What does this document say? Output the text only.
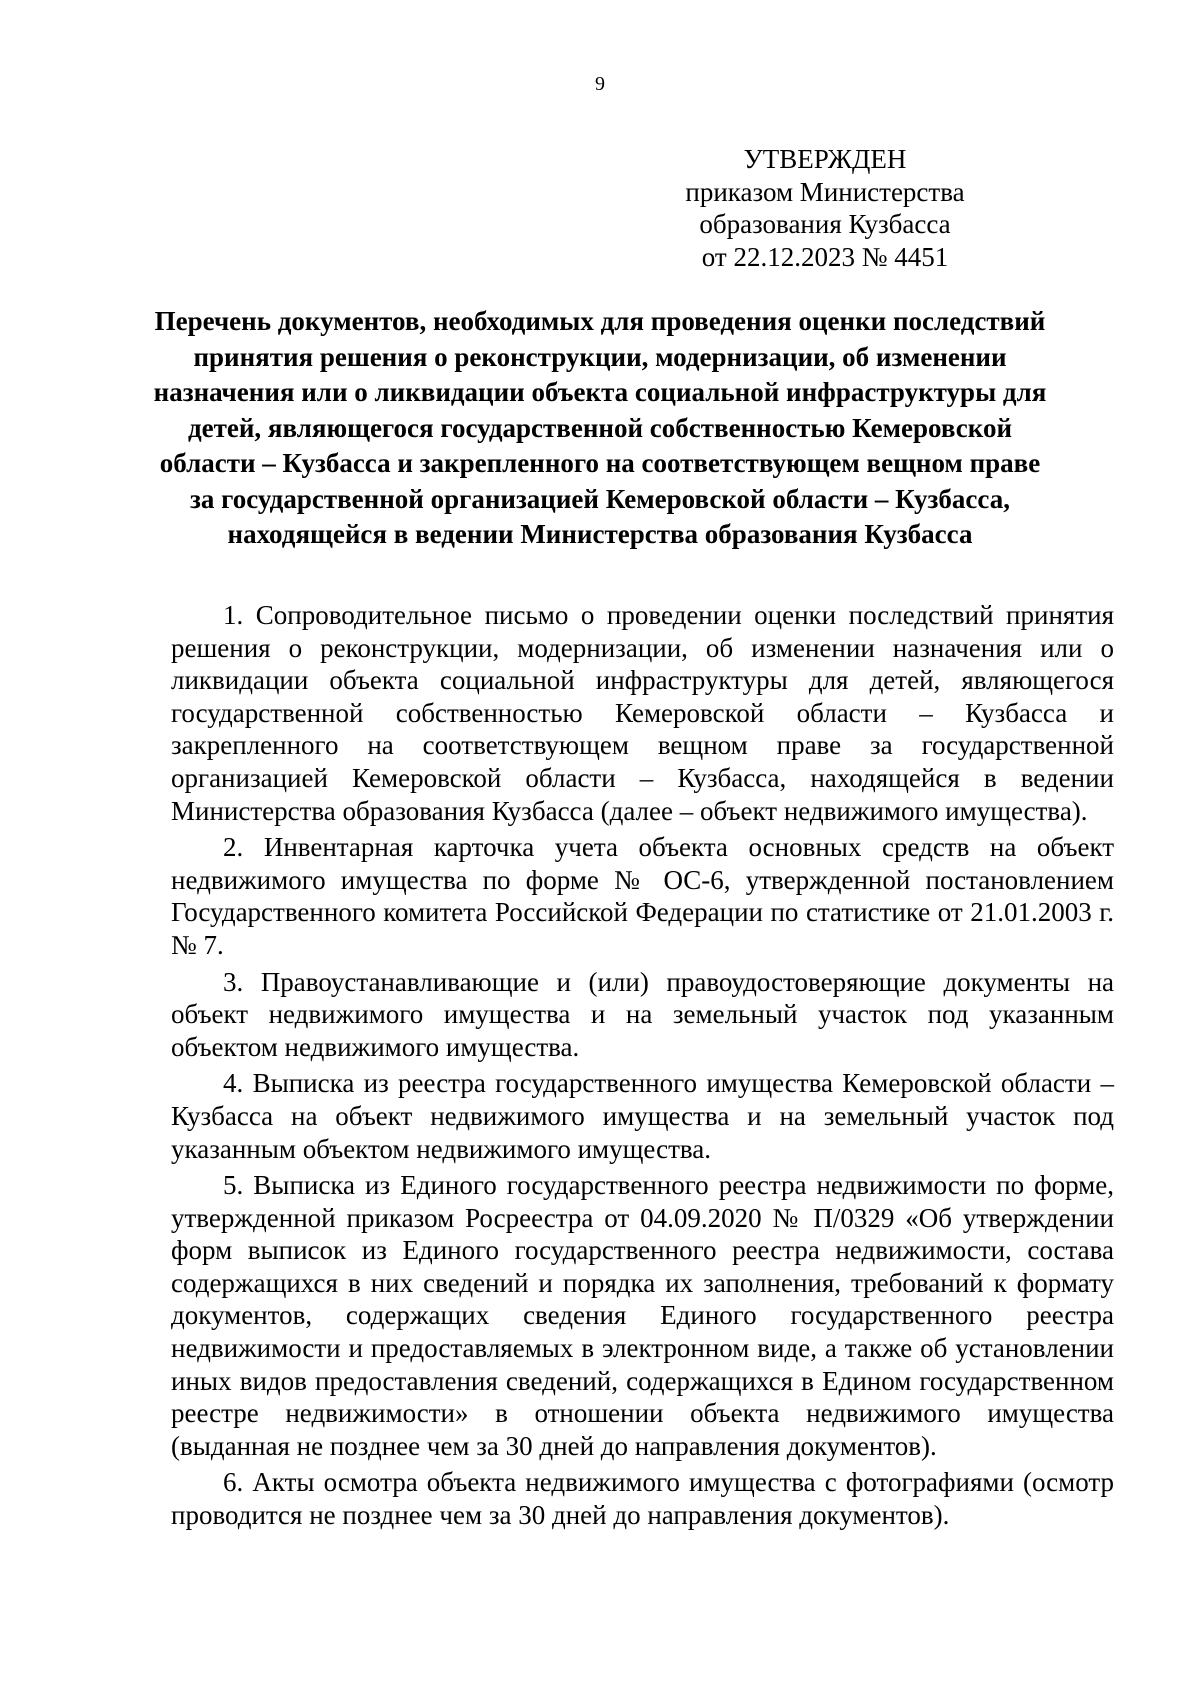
9
УТВЕРЖДЕН
приказом Министерства
образования Кузбасса
от 22.12.2023 № 4451
Перечень документов, необходимых для проведения оценки последствий
принятия решения о реконструкции, модернизации, об изменении
назначения или о ликвидации объекта социальной инфраструктуры для
детей, являющегося государственной собственностью Кемеровской
области – Кузбасса и закрепленного на соответствующем вещном праве
за государственной организацией Кемеровской области – Кузбасса,
находящейся в ведении Министерства образования Кузбасса

1. Сопроводительное письмо о проведении оценки последствий принятия решения о реконструкции, модернизации, об изменении назначения или о ликвидации объекта социальной инфраструктуры для детей, являющегося государственной собственностью Кемеровской области – Кузбасса и закрепленного на соответствующем вещном праве за государственной организацией Кемеровской области – Кузбасса, находящейся в ведении Министерства образования Кузбасса (далее – объект недвижимого имущества).

2. Инвентарная карточка учета объекта основных средств на объект недвижимого имущества по форме № ОС-6, утвержденной постановлением Государственного комитета Российской Федерации по статистике от 21.01.2003 г. № 7.

3. Правоустанавливающие и (или) правоудостоверяющие документы на объект недвижимого имущества и на земельный участок под указанным объектом недвижимого имущества.

4. Выписка из реестра государственного имущества Кемеровской области – Кузбасса на объект недвижимого имущества и на земельный участок под указанным объектом недвижимого имущества.

5. Выписка из Единого государственного реестра недвижимости по форме, утвержденной приказом Росреестра от 04.09.2020 № П/0329 «Об утверждении форм выписок из Единого государственного реестра недвижимости, состава содержащихся в них сведений и порядка их заполнения, требований к формату документов, содержащих сведения Единого государственного реестра недвижимости и предоставляемых в электронном виде, а также об установлении иных видов предоставления сведений, содержащихся в Едином государственном реестре недвижимости» в отношении объекта недвижимого имущества (выданная не позднее чем за 30 дней до направления документов).

6. Акты осмотра объекта недвижимого имущества с фотографиями (осмотр проводится не позднее чем за 30 дней до направления документов).
